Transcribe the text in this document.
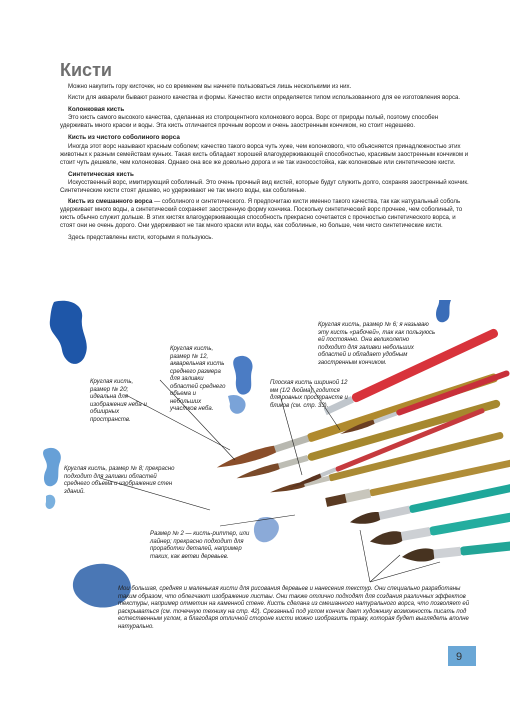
Кисти

Можно накупить гору кисточек, но со временем вы начнете пользоваться лишь несколькими из них.

Кисти для акварели бывают разного качества и формы. Качество кисти определяется типом использованного для ее изготовления ворса.

Колонковая кисть

Это кисть самого высокого качества, сделанная из столроцентного колонкового ворса. Ворс от природы полый, поэтому способен удерживать много краски и воды. Эта кисть отличается прочным ворсом и очень заостренным кончиком, но стоит недешево.

Кисть из чистого соболиного ворса

Иногда этот ворс называют красным соболем; качество такого ворса чуть хуже, чем колонкового, что объясняется принадлежностью этих животных к разным семействам куньих. Такая кисть обладает хорошей влагоудерживающей способностью, красивым заостренным кончиком и стоит чуть дешевле, чем колонковая. Однако она все же довольно дорога и не так износостойка, как колонковые или синтетические кисти.

Синтетическая кисть

Искусственный ворс, имитирующий соболиный. Это очень прочный вид кистей, которые будут служить долго, сохраняя заостренный кончик. Синтетические кисти стоят дешево, но удерживают не так много воды, как соболиные.

Кисть из смешанного ворса — соболиного и синтетического. Я предпочитаю кисти именно такого качества, так как натуральный соболь удерживает много воды, а синтетический сохраняет заостренную форму кончика. Поскольку синтетический ворс прочнее, чем соболиный, то кисть обычно служит дольше. В этих кистях влагоудерживающая способность прекрасно сочетается с прочностью синтетического ворса, и стоят они не очень дорого. Они удерживают не так много краски или воды, как соболиные, но больше, чем чисто синтетические кисти.

Здесь представлены кисти, которыми я пользуюсь.

Круглая кисть, размер № 20; идеальна для изображения неба и обширных пространств.
Круглая кисть, размер № 12, акварельная кисть среднего размера для заливки областей среднего объема и небольших участков неба.
Круглая кисть, размер № 6; я называю эту кисть «рабочей», так как пользуюсь ей постоянно. Она великолепно подходит для заливки небольших областей и обладает удобным заостренным кончиком.
Плоская кисть шириной 12 мм (1/2 дюйма); годится для ровных пространств и бликов (см. стр. 33).
Круглая кисть, размер № 8; прекрасно подходит для заливки областей среднего объема и изображения стен зданий.
Размер № 2 — кисть-риттер, или лайнер; прекрасно подходит для проработки деталей, например таких, как ветви деревьев.
Мои большая, средняя и маленькая кисти для рисования деревьев и нанесения текстур. Они специально разработаны таким образом, что облегчают изображение листвы. Они также отлично подходят для создания различных эффектов текстуры, например отметин на каменной стене. Кисть сделана из смешанного натурального ворса, что позволяет ей раскрываться (см. точечную технику на стр. 42). Срезанный под углом кончик дает художнику возможность писать под естественным углом, а благодаря отличной стороне кисти можно изобразить траву, которая будет выглядеть вполне натурально.
9
